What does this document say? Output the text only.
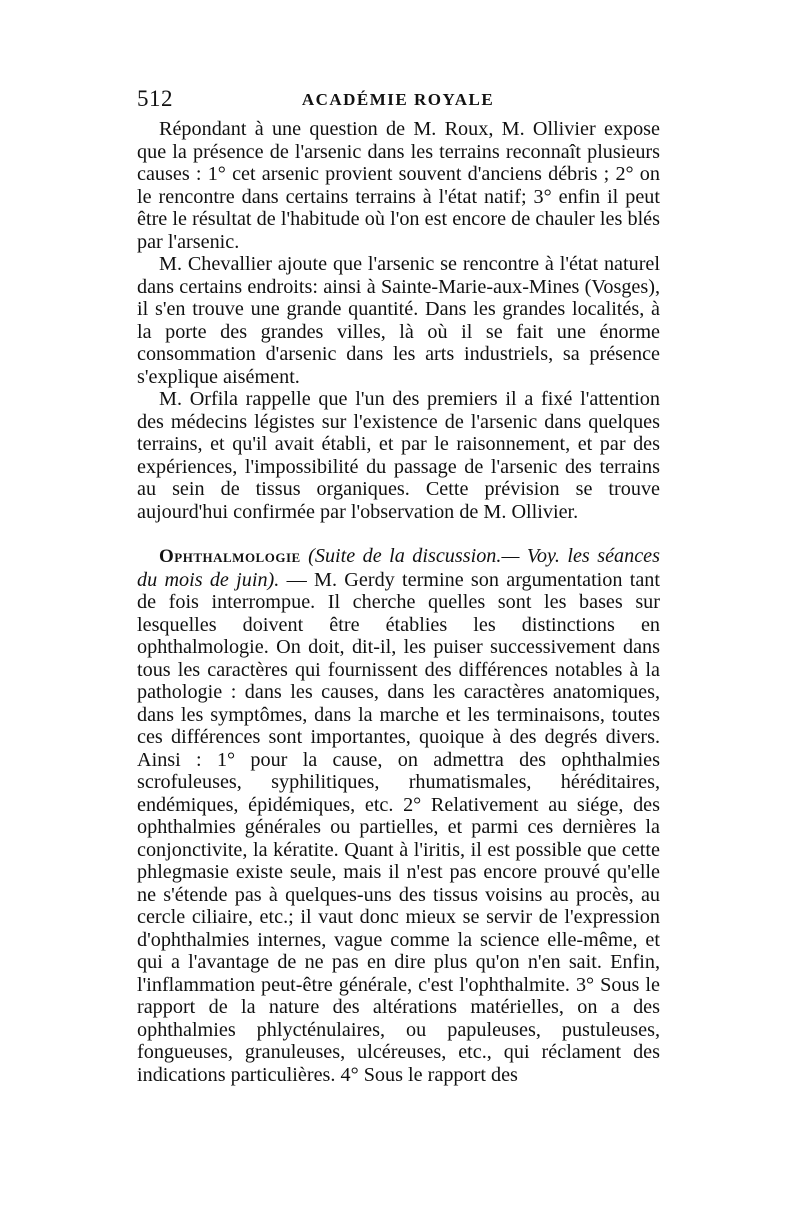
512	ACADÉMIE ROYALE

Répondant à une question de M. Roux, M. Ollivier expose que la présence de l'arsenic dans les terrains reconnaît plusieurs causes : 1° cet arsenic provient souvent d'anciens débris ; 2° on le rencontre dans certains terrains à l'état natif; 3° enfin il peut être le résultat de l'habitude où l'on est encore de chauler les blés par l'arsenic.

M. Chevallier ajoute que l'arsenic se rencontre à l'état naturel dans certains endroits: ainsi à Sainte-Marie-aux-Mines (Vosges), il s'en trouve une grande quantité. Dans les grandes localités, à la porte des grandes villes, là où il se fait une énorme consommation d'arsenic dans les arts industriels, sa présence s'explique aisément.

M. Orfila rappelle que l'un des premiers il a fixé l'attention des médecins légistes sur l'existence de l'arsenic dans quelques terrains, et qu'il avait établi, et par le raisonnement, et par des expériences, l'impossibilité du passage de l'arsenic des terrains au sein de tissus organiques. Cette prévision se trouve aujourd'hui confirmée par l'observation de M. Ollivier.

Ophthalmologie (Suite de la discussion.— Voy. les séances du mois de juin). — M. Gerdy termine son argumentation tant de fois interrompue. Il cherche quelles sont les bases sur lesquelles doivent être établies les distinctions en ophthalmologie. On doit, dit-il, les puiser successivement dans tous les caractères qui fournissent des différences notables à la pathologie : dans les causes, dans les caractères anatomiques, dans les symptômes, dans la marche et les terminaisons, toutes ces différences sont importantes, quoique à des degrés divers. Ainsi : 1° pour la cause, on admettra des ophthalmies scrofuleuses, syphilitiques, rhumatismales, héréditaires, endémiques, épidémiques, etc. 2° Relativement au siége, des ophthalmies générales ou partielles, et parmi ces dernières la conjonctivite, la kératite. Quant à l'iritis, il est possible que cette phlegmasie existe seule, mais il n'est pas encore prouvé qu'elle ne s'étende pas à quelques-uns des tissus voisins au procès, au cercle ciliaire, etc.; il vaut donc mieux se servir de l'expression d'ophthalmies internes, vague comme la science elle-même, et qui a l'avantage de ne pas en dire plus qu'on n'en sait. Enfin, l'inflammation peut-être générale, c'est l'ophthalmite. 3° Sous le rapport de la nature des altérations matérielles, on a des ophthalmies phlycténulaires, ou papuleuses, pustuleuses, fongueuses, granuleuses, ulcéreuses, etc., qui réclament des indications particulières. 4° Sous le rapport des
